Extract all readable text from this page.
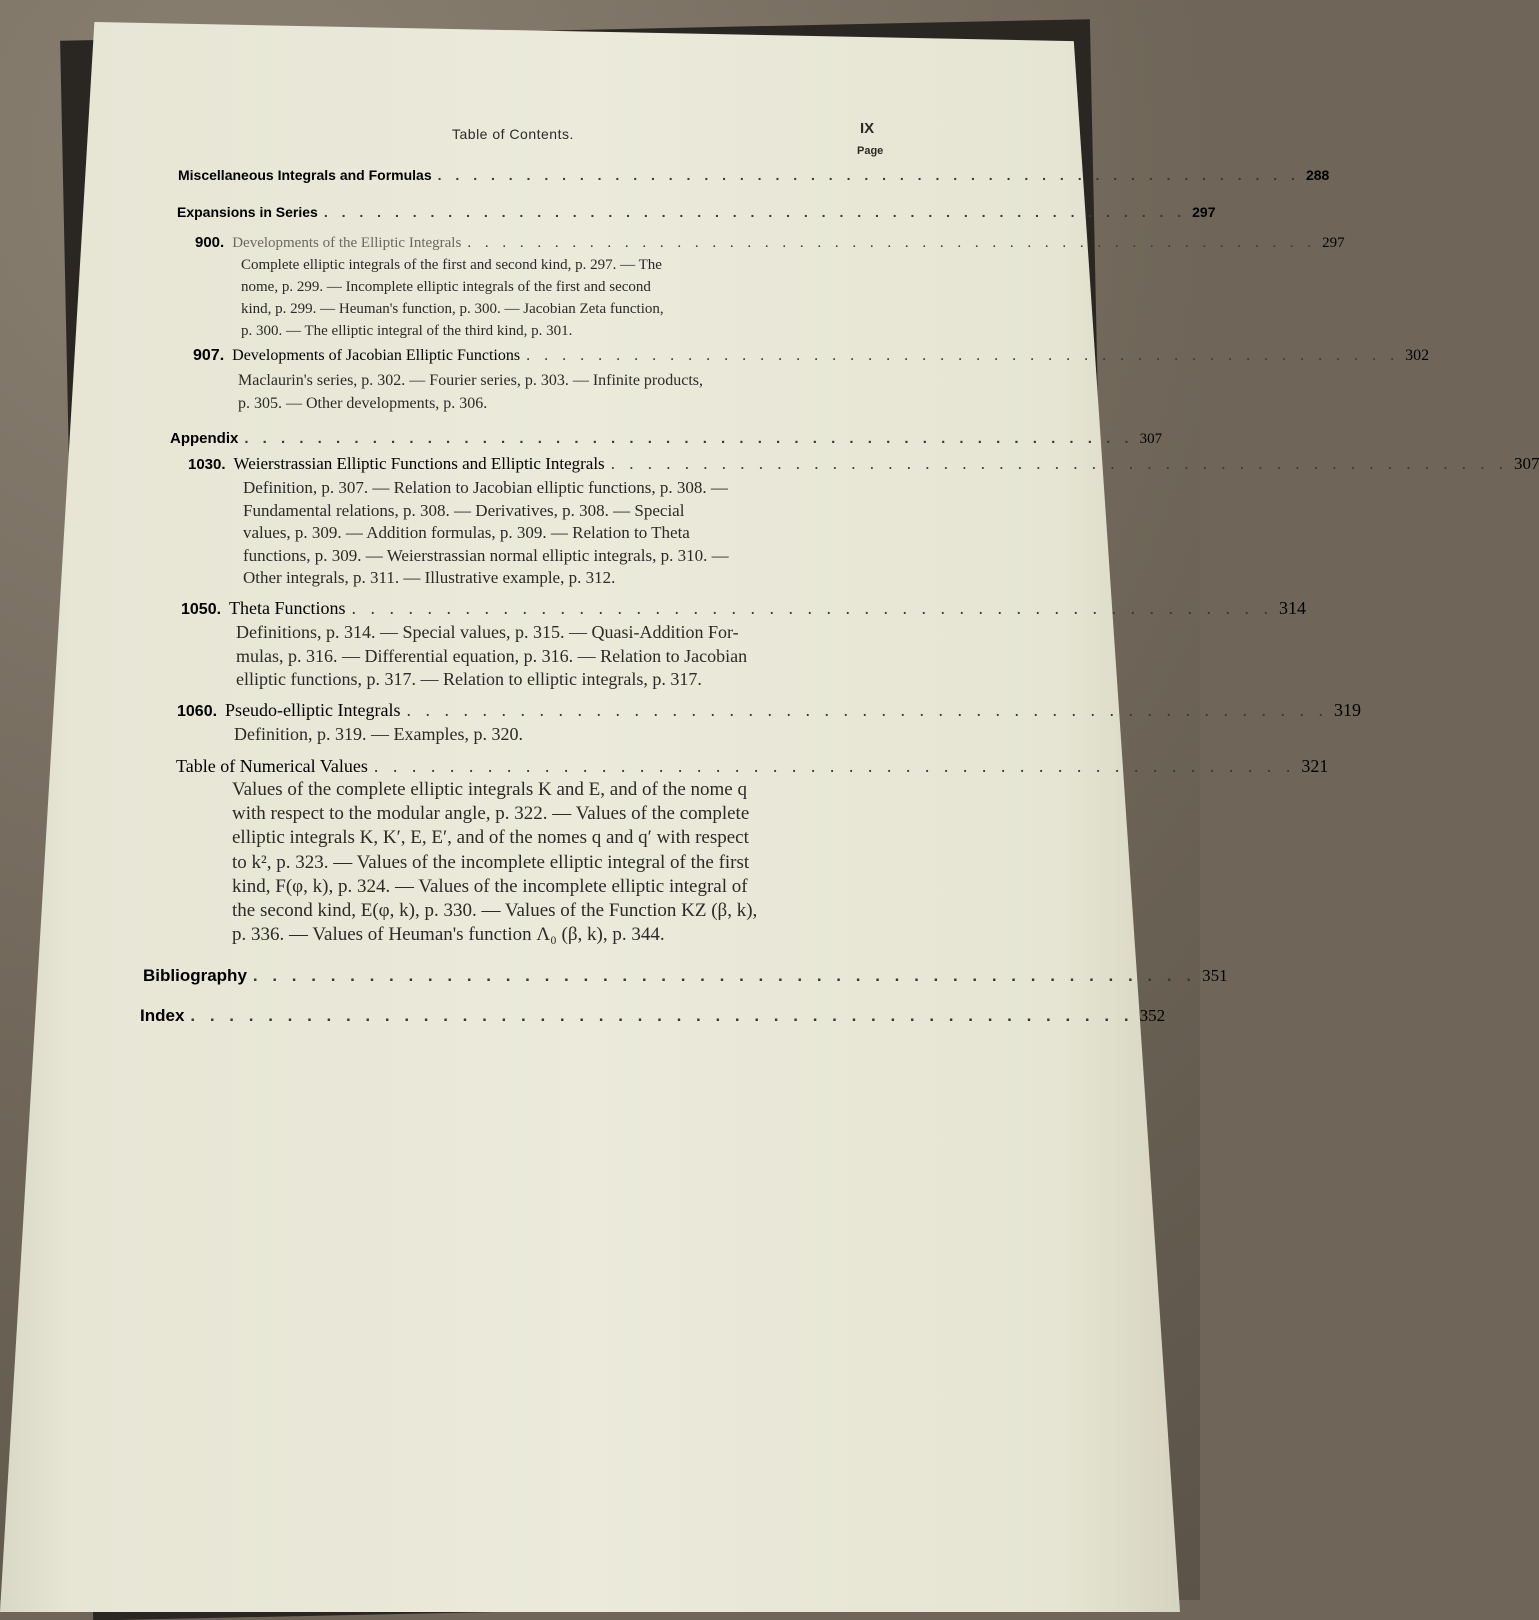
Table of Contents.	IX
Page
Miscellaneous Integrals and Formulas . . . . . . . . . . . . . . . . . . . . . . . . . . . . . . . . . . . . . . . . . . . . . . . . . 288
Expansions in Series . . . . . . . . . . . . . . . . . . . . . . . . . . . . . . . . . . . . . . . . . . . . . . . . . 297
900. Developments of the Elliptic Integrals . . . . . . . . . . . . . . . . . . . . . . . . . . . . . . . . . . . . . . . . . . . . . . . . . 297
Complete elliptic integrals of the first and second kind, p. 297. — The
nome, p. 299. — Incomplete elliptic integrals of the first and second
kind, p. 299. — Heuman's function, p. 300. — Jacobian Zeta function,
p. 300. — The elliptic integral of the third kind, p. 301.
907. Developments of Jacobian Elliptic Functions . . . . . . . . . . . . . . . . . . . . . . . . . . . . . . . . . . . . . . . . . . . . . . . . . 302
Maclaurin's series, p. 302. — Fourier series, p. 303. — Infinite products,
p. 305. — Other developments, p. 306.
Appendix . . . . . . . . . . . . . . . . . . . . . . . . . . . . . . . . . . . . . . . . . . . . . . . . . 307
1030. Weierstrassian Elliptic Functions and Elliptic Integrals . . . . . . . . . . . . . . . . . . . . . . . . . . . . . . . . . . . . . . . . . . . . . . . . . 307
Definition, p. 307. — Relation to Jacobian elliptic functions, p. 308. —
Fundamental relations, p. 308. — Derivatives, p. 308. — Special
values, p. 309. — Addition formulas, p. 309. — Relation to Theta
functions, p. 309. — Weierstrassian normal elliptic integrals, p. 310. —
Other integrals, p. 311. — Illustrative example, p. 312.
1050. Theta Functions . . . . . . . . . . . . . . . . . . . . . . . . . . . . . . . . . . . . . . . . . . . . . . . . . 314
Definitions, p. 314. — Special values, p. 315. — Quasi-Addition For-
mulas, p. 316. — Differential equation, p. 316. — Relation to Jacobian
elliptic functions, p. 317. — Relation to elliptic integrals, p. 317.
1060. Pseudo-elliptic Integrals . . . . . . . . . . . . . . . . . . . . . . . . . . . . . . . . . . . . . . . . . . . . . . . . . 319
Definition, p. 319. — Examples, p. 320.
Table of Numerical Values . . . . . . . . . . . . . . . . . . . . . . . . . . . . . . . . . . . . . . . . . . . . . . . . . 321
Values of the complete elliptic integrals K and E, and of the nome q
with respect to the modular angle, p. 322. — Values of the complete
elliptic integrals K, K′, E, E′, and of the nomes q and q′ with respect
to k², p. 323. — Values of the incomplete elliptic integral of the first
kind, F(φ, k), p. 324. — Values of the incomplete elliptic integral of
the second kind, E(φ, k), p. 330. — Values of the Function KZ (β, k),
p. 336. — Values of Heuman's function Λ₀ (β, k), p. 344.
Bibliography . . . . . . . . . . . . . . . . . . . . . . . . . . . . . . . . . . . . . . . . . . . . . . . . . 351
Index . . . . . . . . . . . . . . . . . . . . . . . . . . . . . . . . . . . . . . . . . . . . . . . . . 352
